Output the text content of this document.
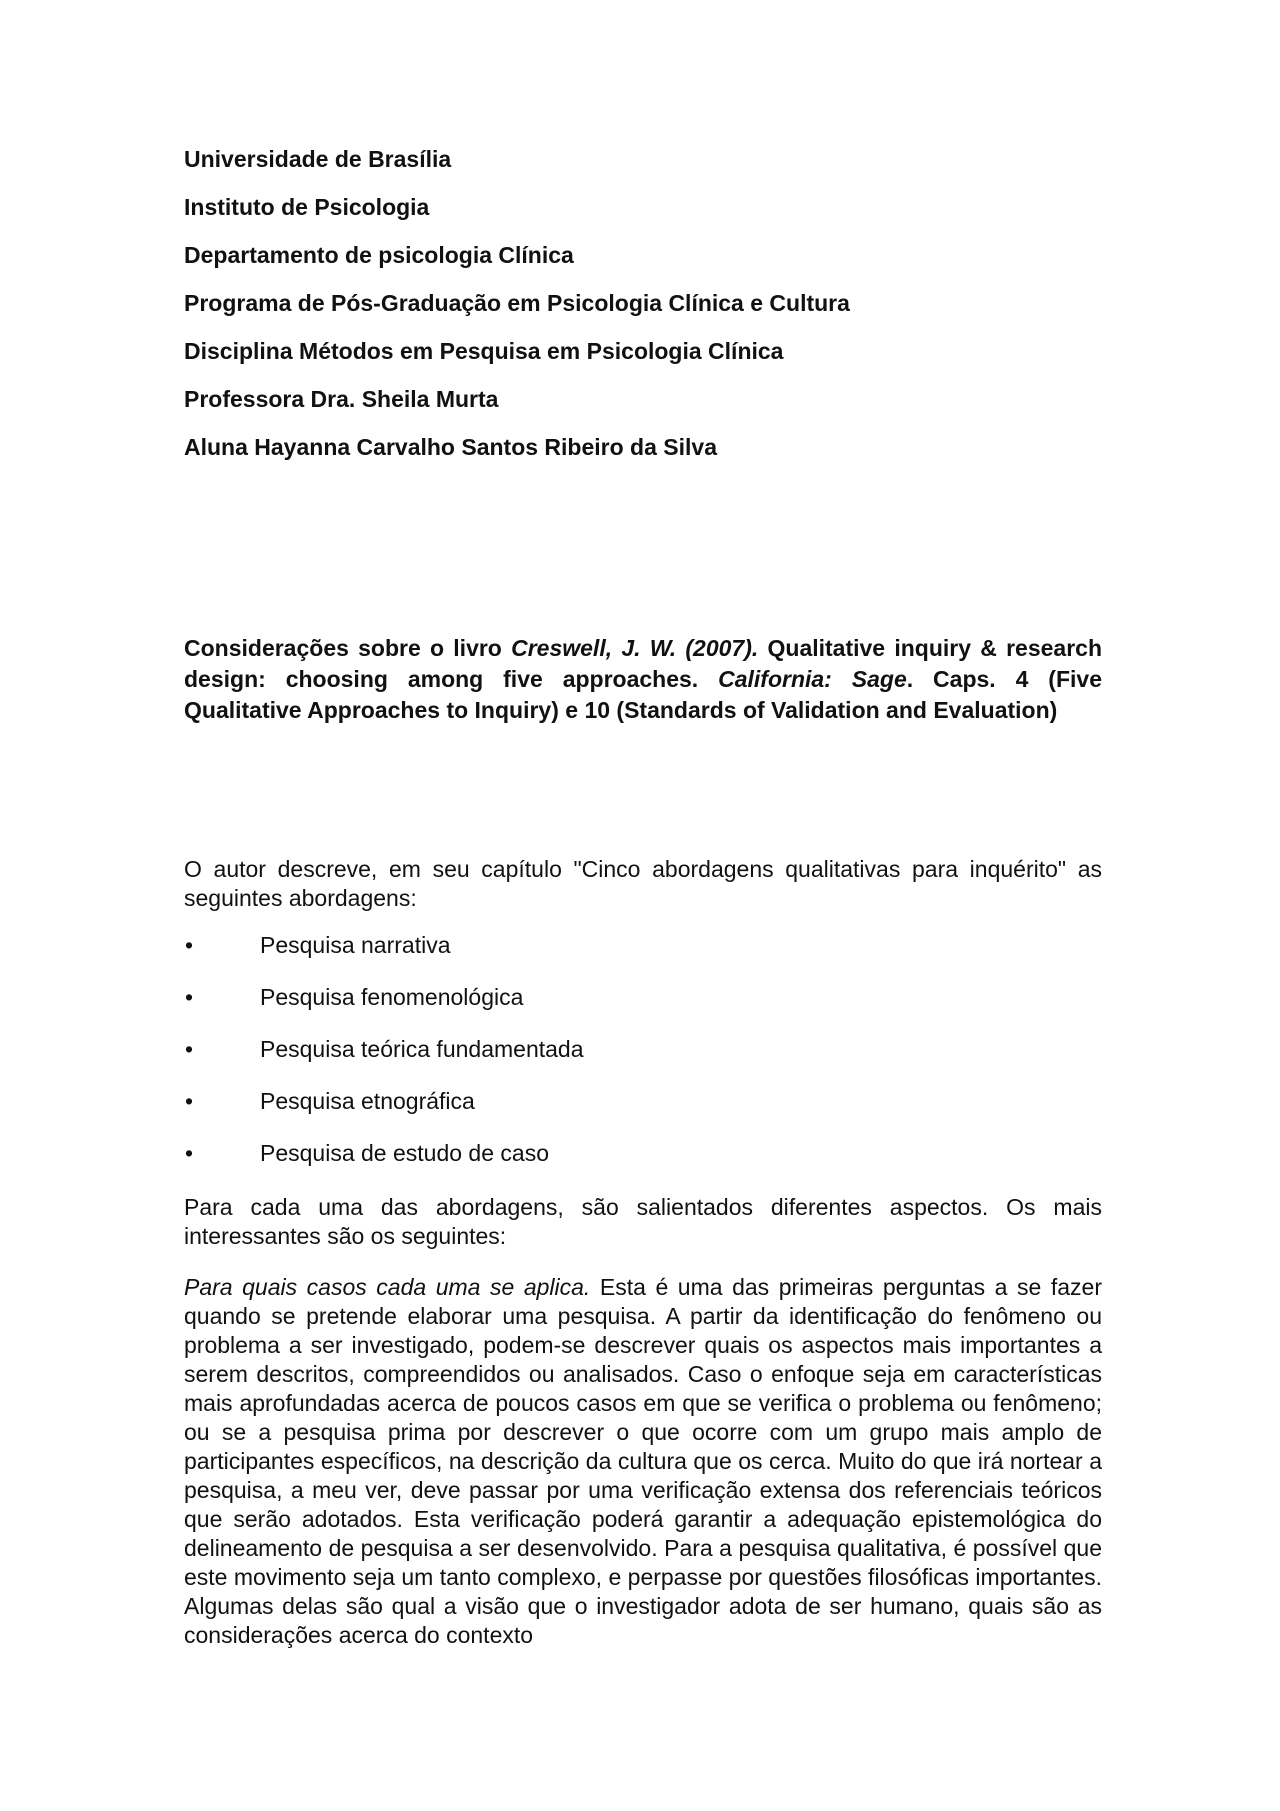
Universidade de Brasília
Instituto de Psicologia
Departamento de psicologia Clínica
Programa de Pós-Graduação em Psicologia Clínica e Cultura
Disciplina Métodos em Pesquisa em Psicologia Clínica
Professora Dra. Sheila Murta
Aluna Hayanna Carvalho Santos Ribeiro da Silva
Considerações sobre o livro Creswell, J. W. (2007). Qualitative inquiry & research design: choosing among five approaches. California: Sage. Caps. 4 (Five Qualitative Approaches to Inquiry) e 10 (Standards of Validation and Evaluation)
O autor descreve, em seu capítulo "Cinco abordagens qualitativas para inquérito" as seguintes abordagens:
•	Pesquisa narrativa
•	Pesquisa fenomenológica
•	Pesquisa teórica fundamentada
•	Pesquisa etnográfica
•	Pesquisa de estudo de caso
Para cada uma das abordagens, são salientados diferentes aspectos. Os mais interessantes são os seguintes:
Para quais casos cada uma se aplica. Esta é uma das primeiras perguntas a se fazer quando se pretende elaborar uma pesquisa. A partir da identificação do fenômeno ou problema a ser investigado, podem-se descrever quais os aspectos mais importantes a serem descritos, compreendidos ou analisados. Caso o enfoque seja em características mais aprofundadas acerca de poucos casos em que se verifica o problema ou fenômeno; ou se a pesquisa prima por descrever o que ocorre com um grupo mais amplo de participantes específicos, na descrição da cultura que os cerca. Muito do que irá nortear a pesquisa, a meu ver, deve passar por uma verificação extensa dos referenciais teóricos que serão adotados. Esta verificação poderá garantir a adequação epistemológica do delineamento de pesquisa a ser desenvolvido. Para a pesquisa qualitativa, é possível que este movimento seja um tanto complexo, e perpasse por questões filosóficas importantes. Algumas delas são qual a visão que o investigador adota de ser humano, quais são as considerações acerca do contexto
